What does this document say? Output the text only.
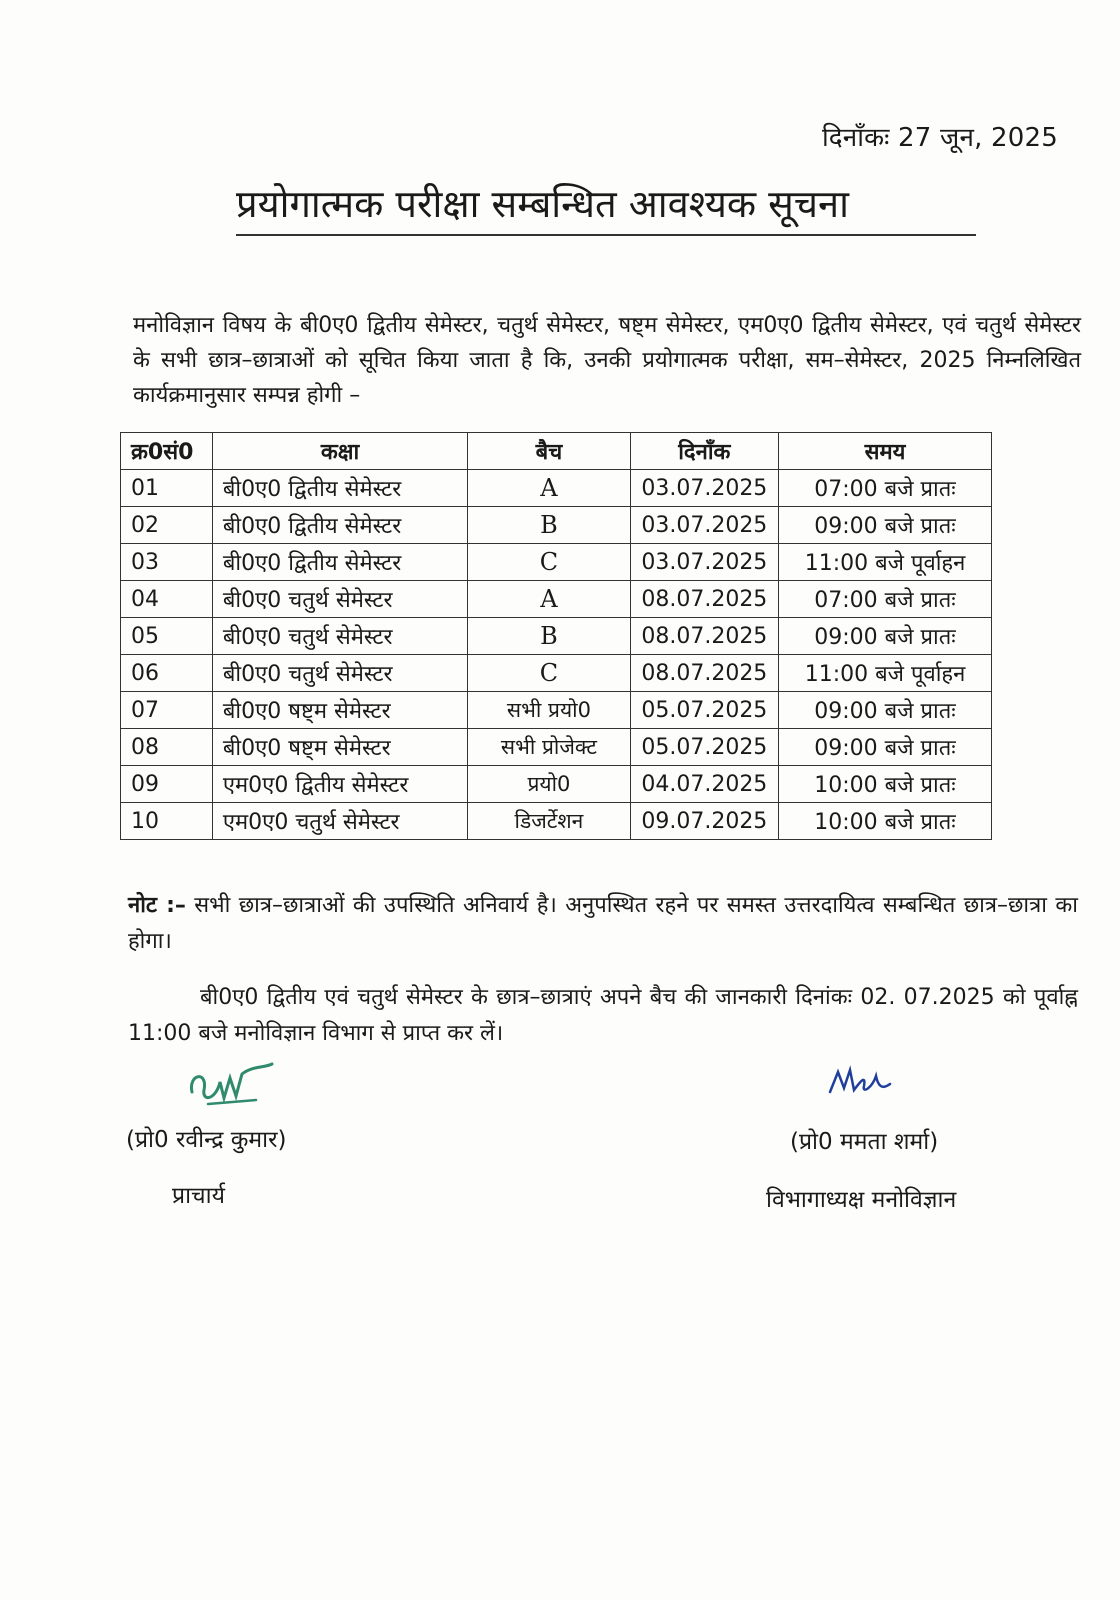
दिनाँकः 27 जून, 2025
प्रयोगात्मक परीक्षा सम्बन्धित आवश्यक सूचना
मनोविज्ञान विषय के बी0ए0 द्वितीय सेमेस्टर, चतुर्थ सेमेस्टर, षष्ट्म सेमेस्टर, एम0ए0 द्वितीय सेमेस्टर, एवं चतुर्थ सेमेस्टर के सभी छात्र–छात्राओं को सूचित किया जाता है कि, उनकी प्रयोगात्मक परीक्षा, सम–सेमेस्टर, 2025 निम्नलिखित कार्यक्रमानुसार सम्पन्न होगी –
क्र0सं0	कक्षा	बैच	दिनाँक	समय
01	बी0ए0 द्वितीय सेमेस्टर	A	03.07.2025	07:00 बजे प्रातः
02	बी0ए0 द्वितीय सेमेस्टर	B	03.07.2025	09:00 बजे प्रातः
03	बी0ए0 द्वितीय सेमेस्टर	C	03.07.2025	11:00 बजे पूर्वाहन
04	बी0ए0 चतुर्थ सेमेस्टर	A	08.07.2025	07:00 बजे प्रातः
05	बी0ए0 चतुर्थ सेमेस्टर	B	08.07.2025	09:00 बजे प्रातः
06	बी0ए0 चतुर्थ सेमेस्टर	C	08.07.2025	11:00 बजे पूर्वाहन
07	बी0ए0 षष्ट्म सेमेस्टर	सभी प्रयो0	05.07.2025	09:00 बजे प्रातः
08	बी0ए0 षष्ट्म सेमेस्टर	सभी प्रोजेक्ट	05.07.2025	09:00 बजे प्रातः
09	एम0ए0 द्वितीय सेमेस्टर	प्रयो0	04.07.2025	10:00 बजे प्रातः
10	एम0ए0 चतुर्थ सेमेस्टर	डिजर्टेशन	09.07.2025	10:00 बजे प्रातः
नोट :– सभी छात्र–छात्राओं की उपस्थिति अनिवार्य है। अनुपस्थित रहने पर समस्त उत्तरदायित्व सम्बन्धित छात्र–छात्रा का होगा।
बी0ए0 द्वितीय एवं चतुर्थ सेमेस्टर के छात्र–छात्राएं अपने बैच की जानकारी दिनांकः 02. 07.2025 को पूर्वाह्न 11:00 बजे मनोविज्ञान विभाग से प्राप्त कर लें।
(प्रो0 रवीन्द्र कुमार)
प्राचार्य
(प्रो0 ममता शर्मा)
विभागाध्यक्ष मनोविज्ञान
